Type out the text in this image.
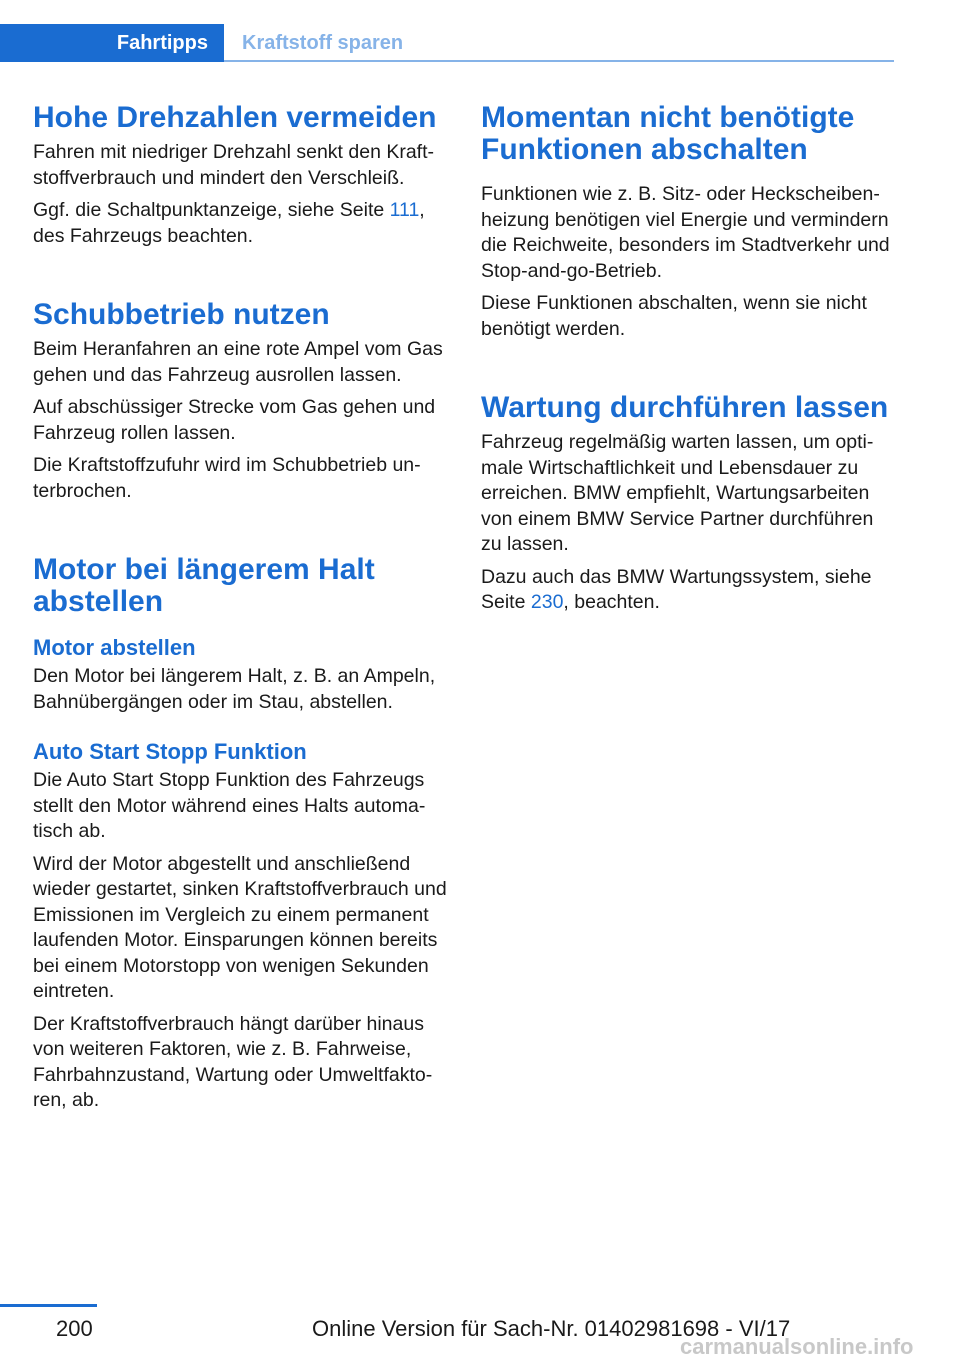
Fahrtipps	Kraftstoff sparen
Hohe Drehzahlen vermeiden

Fahren mit niedriger Drehzahl senkt den Kraftstoffverbrauch und mindert den Verschleiß.

Ggf. die Schaltpunktanzeige, siehe Seite 111, des Fahrzeugs beachten.

Schubbetrieb nutzen

Beim Heranfahren an eine rote Ampel vom Gas gehen und das Fahrzeug ausrollen lassen.

Auf abschüssiger Strecke vom Gas gehen und Fahrzeug rollen lassen.

Die Kraftstoffzufuhr wird im Schubbetrieb unterbrochen.

Motor bei längerem Halt abstellen
Motor abstellen

Den Motor bei längerem Halt, z. B. an Ampeln, Bahnübergängen oder im Stau, abstellen.

Auto Start Stopp Funktion

Die Auto Start Stopp Funktion des Fahrzeugs stellt den Motor während eines Halts automatisch ab.

Wird der Motor abgestellt und anschließend wieder gestartet, sinken Kraftstoffverbrauch und Emissionen im Vergleich zu einem permanent laufenden Motor. Einsparungen können bereits bei einem Motorstopp von wenigen Sekunden eintreten.

Der Kraftstoffverbrauch hängt darüber hinaus von weiteren Faktoren, wie z. B. Fahrweise, Fahrbahnzustand, Wartung oder Umweltfaktoren, ab.

Momentan nicht benötigte Funktionen abschalten

Funktionen wie z. B. Sitz- oder Heckscheibenheizung benötigen viel Energie und vermindern die Reichweite, besonders im Stadtverkehr und Stop-and-go-Betrieb.

Diese Funktionen abschalten, wenn sie nicht benötigt werden.

Wartung durchführen lassen

Fahrzeug regelmäßig warten lassen, um optimale Wirtschaftlichkeit und Lebensdauer zu erreichen. BMW empfiehlt, Wartungsarbeiten von einem BMW Service Partner durchführen zu lassen.

Dazu auch das BMW Wartungssystem, siehe Seite 230, beachten.

200	Online Version für Sach-Nr. 01402981698 - VI/17
carmanualsonline.info
